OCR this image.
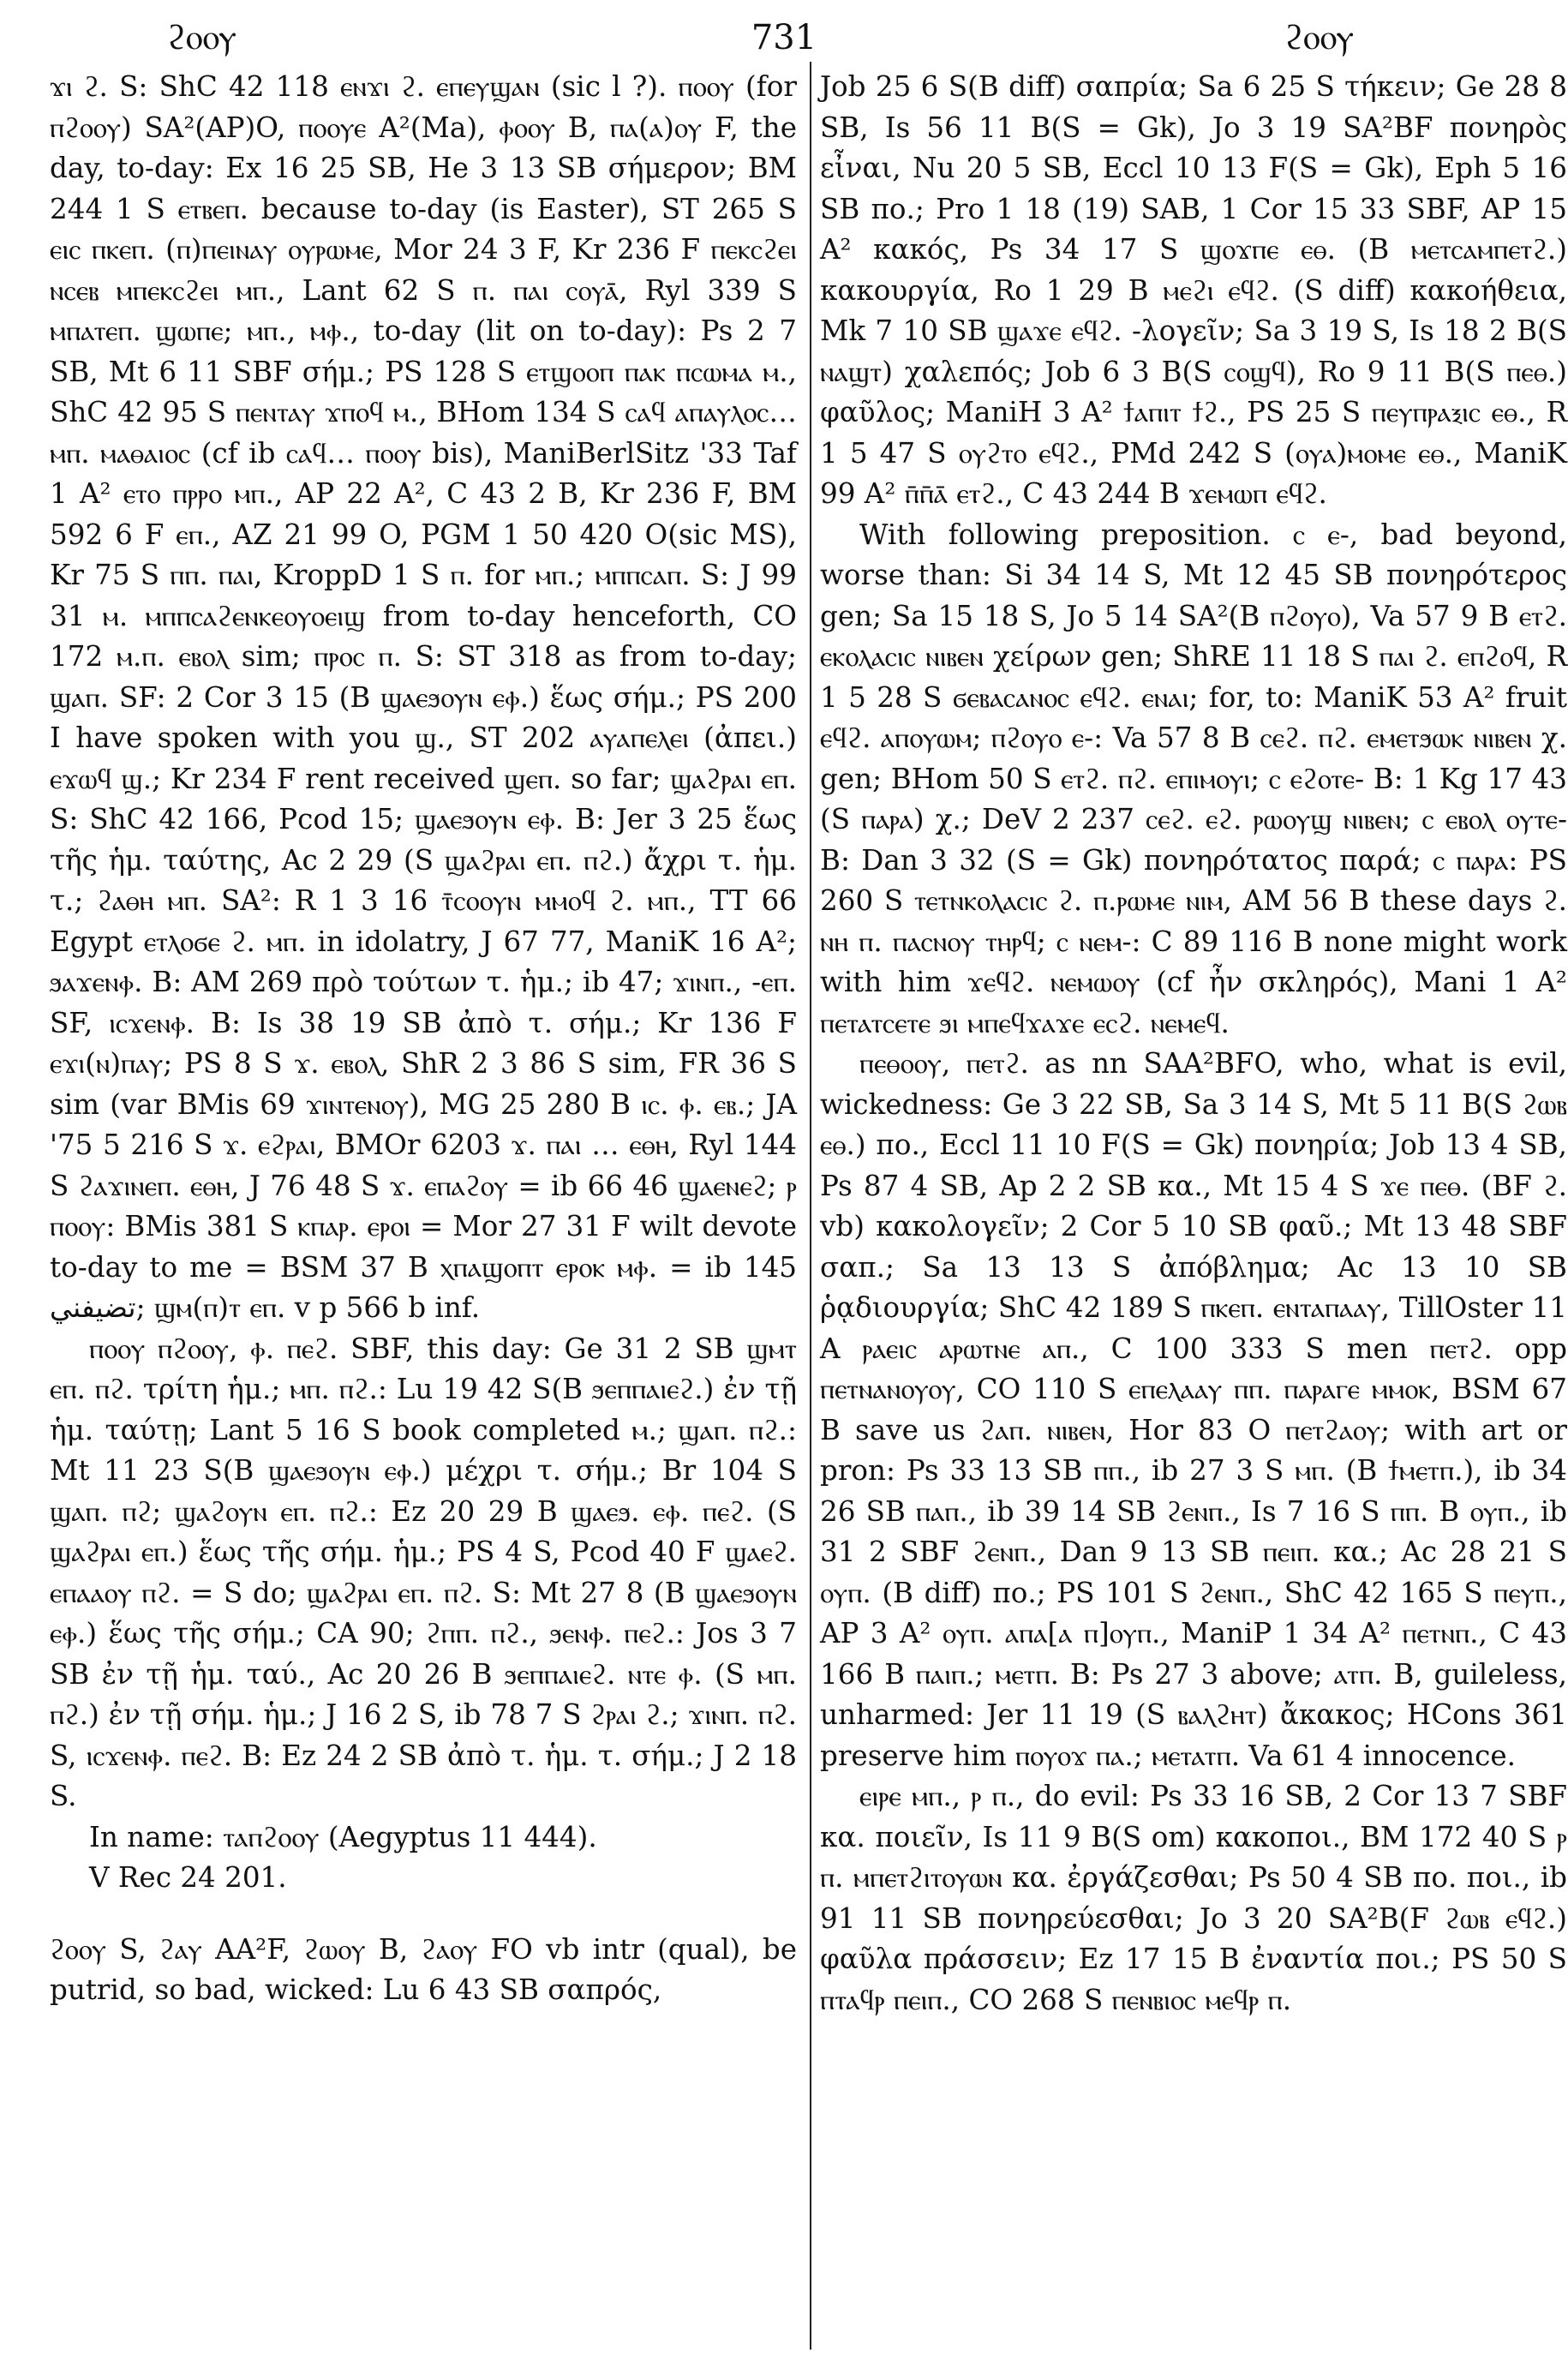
ϩⲟⲟⲩ	731	ϩⲟⲟⲩ

ϫⲓ ϩ. S: ShC 42 118 ⲉⲛϫⲓ ϩ. ⲉⲡⲉⲩϣⲁⲛ (sic l ?). ⲡⲟⲟⲩ (for ⲡϩⲟⲟⲩ) SA²(AP)O, ⲡⲟⲟⲩⲉ A²(Ma), ⲫⲟⲟⲩ B, ⲡⲁ(ⲁ)ⲟⲩ F, the day, to-day: Ex 16 25 SB, He 3 13 SB σήμερον; BM 244 1 S ⲉⲧⲃⲉⲡ. because to-day (is Easter), ST 265 S ⲉⲓⲥ ⲡⲕⲉⲡ. (ⲡ)ⲡⲉⲓⲛⲁⲩ ⲟⲩⲣⲱⲙⲉ, Mor 24 3 F, Kr 236 F ⲡⲉⲕⲥϩⲉⲓ ⲛⲥⲉⲃ ⲙⲡⲉⲕⲥϩⲉⲓ ⲙⲡ., Lant 62 S ⲡ. ⲡⲁⲓ ⲥⲟⲩⲁ̄, Ryl 339 S ⲙⲡⲁⲧⲉⲡ. ϣⲱⲡⲉ; ⲙⲡ., ⲙⲫ., to-day (lit on to-day): Ps 2 7 SB, Mt 6 11 SBF σήμ.; PS 128 S ⲉⲧϣⲟⲟⲡ ⲡⲁⲕ ⲡⲥⲱⲙⲁ ⲙ., ShC 42 95 S ⲡⲉⲛⲧⲁⲩ ϫⲡⲟϥ ⲙ., BHom 134 S ⲥⲁϥ ⲁⲡⲁⲩⲗⲟⲥ… ⲙⲡ. ⲙⲁⲑⲁⲓⲟⲥ (cf ib ⲥⲁϥ… ⲡⲟⲟⲩ bis), ManiBerlSitz '33 Taf 1 A² ⲉⲧⲟ ⲡⲣⲣⲟ ⲙⲡ., AP 22 A², C 43 2 B, Kr 236 F, BM 592 6 F ⲉⲡ., AZ 21 99 O, PGM 1 50 420 O(sic MS), Kr 75 S ⲡⲡ. ⲡⲁⲓ, KroppD 1 S ⲡ. for ⲙⲡ.; ⲙⲡⲡⲥⲁⲡ. S: J 99 31 ⲙ. ⲙⲡⲡⲥⲁϩⲉⲛⲕⲉⲟⲩⲟⲉⲓϣ from to-day henceforth, CO 172 ⲙ.ⲡ. ⲉⲃⲟⲗ sim; ⲡⲣⲟⲥ ⲡ. S: ST 318 as from to-day; ϣⲁⲡ. SF: 2 Cor 3 15 (B ϣⲁⲉϧⲟⲩⲛ ⲉⲫ.) ἕως σήμ.; PS 200 I have spoken with you ϣ., ST 202 ⲁⲩⲁⲡⲉⲗⲉⲓ (ἀπει.) ⲉϫⲱϥ ϣ.; Kr 234 F rent received ϣⲉⲡ. so far; ϣⲁϩⲣⲁⲓ ⲉⲡ. S: ShC 42 166, Pcod 15; ϣⲁⲉϧⲟⲩⲛ ⲉⲫ. B: Jer 3 25 ἕως τῆς ἡμ. ταύτης, Ac 2 29 (S ϣⲁϩⲣⲁⲓ ⲉⲡ. ⲡϩ.) ἄχρι τ. ἡμ. τ.; ϩⲁⲑⲏ ⲙⲡ. SA²: R 1 3 16 ⲧ̄ⲥⲟⲟⲩⲛ ⲙⲙⲟϥ ϩ. ⲙⲡ., TT 66 Egypt ⲉⲧⲗⲟϭⲉ ϩ. ⲙⲡ. in idolatry, J 67 77, ManiK 16 A²; ϧⲁϫⲉⲛⲫ. B: AM 269 πρὸ τούτων τ. ἡμ.; ib 47; ϫⲓⲛⲡ., -ⲉⲡ. SF, ⲓⲥϫⲉⲛⲫ. B: Is 38 19 SB ἀπὸ τ. σήμ.; Kr 136 F ⲉϫⲓ(ⲛ)ⲡⲁⲩ; PS 8 S ϫ. ⲉⲃⲟⲗ, ShR 2 3 86 S sim, FR 36 S sim (var BMis 69 ϫⲓⲛⲧⲉⲛⲟⲩ), MG 25 280 B ⲓⲥ. ⲫ. ⲉⲃ.; JA '75 5 216 S ϫ. ⲉϩⲣⲁⲓ, BMOr 6203 ϫ. ⲡⲁⲓ … ⲉⲑⲏ, Ryl 144 S ϩⲁϫⲓⲛⲉⲡ. ⲉⲑⲏ, J 76 48 S ϫ. ⲉⲡⲁϩⲟⲩ = ib 66 46 ϣⲁⲉⲛⲉϩ; ⲣ ⲡⲟⲟⲩ: BMis 381 S ⲕⲡⲁⲣ. ⲉⲣⲟⲓ = Mor 27 31 F wilt devote to-day to me = BSM 37 B ⲭⲡⲁϣⲟⲡⲧ ⲉⲣⲟⲕ ⲙⲫ. = ib 145 تضيفني; ϣⲙ(ⲡ)ⲧ ⲉⲡ. v p 566 b inf.

ⲡⲟⲟⲩ ⲡϩⲟⲟⲩ, ⲫ. ⲡⲉϩ. SBF, this day: Ge 31 2 SB ϣⲙⲧ ⲉⲡ. ⲡϩ. τρίτη ἡμ.; ⲙⲡ. ⲡϩ.: Lu 19 42 S(B ϧⲉⲡⲡⲁⲓⲉϩ.) ἐν τῇ ἡμ. ταύτῃ; Lant 5 16 S book completed ⲙ.; ϣⲁⲡ. ⲡϩ.: Mt 11 23 S(B ϣⲁⲉϧⲟⲩⲛ ⲉⲫ.) μέχρι τ. σήμ.; Br 104 S ϣⲁⲡ. ⲡϩ; ϣⲁϩⲟⲩⲛ ⲉⲡ. ⲡϩ.: Ez 20 29 B ϣⲁⲉϧ. ⲉⲫ. ⲡⲉϩ. (S ϣⲁϩⲣⲁⲓ ⲉⲡ.) ἕως τῆς σήμ. ἡμ.; PS 4 S, Pcod 40 F ϣⲁⲉϩ. ⲉⲡⲁⲁⲟⲩ ⲡϩ. = S do; ϣⲁϩⲣⲁⲓ ⲉⲡ. ⲡϩ. S: Mt 27 8 (B ϣⲁⲉϧⲟⲩⲛ ⲉⲫ.) ἕως τῆς σήμ.; CA 90; ϩⲡⲡ. ⲡϩ., ϧⲉⲛⲫ. ⲡⲉϩ.: Jos 3 7 SB ἐν τῇ ἡμ. ταύ., Ac 20 26 B ϧⲉⲡⲡⲁⲓⲉϩ. ⲛⲧⲉ ⲫ. (S ⲙⲡ. ⲡϩ.) ἐν τῇ σήμ. ἡμ.; J 16 2 S, ib 78 7 S ϩⲣⲁⲓ ϩ.; ϫⲓⲛⲡ. ⲡϩ. S, ⲓⲥϫⲉⲛⲫ. ⲡⲉϩ. B: Ez 24 2 SB ἀπὸ τ. ἡμ. τ. σήμ.; J 2 18 S.

In name: ⲧⲁⲡϩⲟⲟⲩ (Aegyptus 11 444).

V Rec 24 201.

ϩⲟⲟⲩ S, ϩⲁⲩ AA²F, ϩⲱⲟⲩ B, ϩⲁⲟⲩ FO vb intr (qual), be putrid, so bad, wicked: Lu 6 43 SB σαπρός,

Job 25 6 S(B diff) σαπρία; Sa 6 25 S τήκειν; Ge 28 8 SB, Is 56 11 B(S = Gk), Jo 3 19 SA²BF πονηρὸς εἶναι, Nu 20 5 SB, Eccl 10 13 F(S = Gk), Eph 5 16 SB πο.; Pro 1 18 (19) SAB, 1 Cor 15 33 SBF, AP 15 A² κακός, Ps 34 17 S ϣⲟϫⲡⲉ ⲉⲑ. (B ⲙⲉⲧⲥⲁⲙⲡⲉⲧϩ.) κακουργία, Ro 1 29 B ⲙⲉϩⲓ ⲉϥϩ. (S diff) κακοήθεια, Mk 7 10 SB ϣⲁϫⲉ ⲉϥϩ. -λογεῖν; Sa 3 19 S, Is 18 2 B(S ⲛⲁϣⲧ) χαλεπός; Job 6 3 B(S ⲥⲟϣϥ), Ro 9 11 B(S ⲡⲉⲑ.) φαῦλος; ManiH 3 A² ϯⲁⲡⲓⲧ ϯϩ., PS 25 S ⲡⲉⲩⲡⲣⲁⲝⲓⲥ ⲉⲑ., R 1 5 47 S ⲟⲩϩⲧⲟ ⲉϥϩ., PMd 242 S (ⲟⲩⲁ)ⲙⲟⲙⲉ ⲉⲑ., ManiK 99 A² ⲡ̄ⲡ̄ⲁ̄ ⲉⲧϩ., C 43 244 B ϫⲉⲙⲱⲡ ⲉϥϩ.

With following preposition. ⲥ ⲉ-, bad beyond, worse than: Si 34 14 S, Mt 12 45 SB πονηρότερος gen; Sa 15 18 S, Jo 5 14 SA²(B ⲡϩⲟⲩⲟ), Va 57 9 B ⲉⲧϩ. ⲉⲕⲟⲗⲁⲥⲓⲥ ⲛⲓⲃⲉⲛ χείρων gen; ShRE 11 18 S ⲡⲁⲓ ϩ. ⲉⲡϩⲟϥ, R 1 5 28 S ϭⲉⲃⲁⲥⲁⲛⲟⲥ ⲉϥϩ. ⲉⲛⲁⲓ; for, to: ManiK 53 A² fruit ⲉϥϩ. ⲁⲡⲟⲩⲱⲙ; ⲡϩⲟⲩⲟ ⲉ-: Va 57 8 B ⲥⲉϩ. ⲡϩ. ⲉⲙⲉⲧϧⲱⲕ ⲛⲓⲃⲉⲛ χ. gen; BHom 50 S ⲉⲧϩ. ⲡϩ. ⲉⲡⲓⲙⲟⲩⲓ; ⲥ ⲉϩⲟⲧⲉ- B: 1 Kg 17 43 (S ⲡⲁⲣⲁ) χ.; DeV 2 237 ⲥⲉϩ. ⲉϩ. ⲣⲱⲟⲩϣ ⲛⲓⲃⲉⲛ; ⲥ ⲉⲃⲟⲗ ⲟⲩⲧⲉ- B: Dan 3 32 (S = Gk) πονηρότατος παρά; ⲥ ⲡⲁⲣⲁ: PS 260 S ⲧⲉⲧⲛⲕⲟⲗⲁⲥⲓⲥ ϩ. ⲡ.ⲣⲱⲙⲉ ⲛⲓⲙ, AM 56 B these days ϩ. ⲛⲏ ⲡ. ⲡⲁⲥⲛⲟⲩ ⲧⲏⲣϥ; ⲥ ⲛⲉⲙ-: C 89 116 B none might work with him ϫⲉϥϩ. ⲛⲉⲙⲱⲟⲩ (cf ἦν σκληρός), Mani 1 A² ⲡⲉⲧⲁⲧⲥⲉⲧⲉ ϧⲓ ⲙⲡⲉϥϫⲁϫⲉ ⲉⲥϩ. ⲛⲉⲙⲉϥ.

ⲡⲉⲑⲟⲟⲩ, ⲡⲉⲧϩ. as nn SAA²BFO, who, what is evil, wickedness: Ge 3 22 SB, Sa 3 14 S, Mt 5 11 B(S ϩⲱⲃ ⲉⲑ.) πο., Eccl 11 10 F(S = Gk) πονηρία; Job 13 4 SB, Ps 87 4 SB, Ap 2 2 SB κα., Mt 15 4 S ϫⲉ ⲡⲉⲑ. (BF ϩ. vb) κακολογεῖν; 2 Cor 5 10 SB φαῦ.; Mt 13 48 SBF σαπ.; Sa 13 13 S ἀπόβλημα; Ac 13 10 SB ῥᾳδιουργία; ShC 42 189 S ⲡⲕⲉⲡ. ⲉⲛⲧⲁⲡⲁⲁⲩ, TillOster 11 A ⲣⲁⲉⲓⲥ ⲁⲣⲱⲧⲛⲉ ⲁⲡ., C 100 333 S men ⲡⲉⲧϩ. opp ⲡⲉⲧⲛⲁⲛⲟⲩⲟⲩ, CO 110 S ⲉⲡⲉⲗⲁⲁⲩ ⲡⲡ. ⲡⲁⲣⲁⲅⲉ ⲙⲙⲟⲕ, BSM 67 B save us ϩⲁⲡ. ⲛⲓⲃⲉⲛ, Hor 83 O ⲡⲉⲧϩⲁⲟⲩ; with art or pron: Ps 33 13 SB ⲡⲡ., ib 27 3 S ⲙⲡ. (B ϯⲙⲉⲧⲡ.), ib 34 26 SB ⲡⲁⲡ., ib 39 14 SB ϩⲉⲛⲡ., Is 7 16 S ⲡⲡ. B ⲟⲩⲡ., ib 31 2 SBF ϩⲉⲛⲡ., Dan 9 13 SB ⲡⲉⲓⲡ. κα.; Ac 28 21 S ⲟⲩⲡ. (B diff) πο.; PS 101 S ϩⲉⲛⲡ., ShC 42 165 S ⲡⲉⲩⲡ., AP 3 A² ⲟⲩⲡ. ⲁⲡⲁ[ⲁ ⲡ]ⲟⲩⲡ., ManiP 1 34 A² ⲡⲉⲧⲛⲡ., C 43 166 B ⲡⲁⲓⲡ.; ⲙⲉⲧⲡ. B: Ps 27 3 above; ⲁⲧⲡ. B, guileless, unharmed: Jer 11 19 (S ⲃⲁⲗϩⲏⲧ) ἄκακος; HCons 361 preserve him ⲡⲟⲩⲟϫ ⲡⲁ.; ⲙⲉⲧⲁⲧⲡ. Va 61 4 innocence.

ⲉⲓⲣⲉ ⲙⲡ., ⲣ ⲡ., do evil: Ps 33 16 SB, 2 Cor 13 7 SBF κα. ποιεῖν, Is 11 9 B(S om) κακοποι., BM 172 40 S ⲣ ⲡ. ⲙⲡⲉⲧϩⲓⲧⲟⲩⲱⲛ κα. ἐργάζεσθαι; Ps 50 4 SB πο. ποι., ib 91 11 SB πονηρεύεσθαι; Jo 3 20 SA²B(F ϩⲱⲃ ⲉϥϩ.) φαῦλα πράσσειν; Ez 17 15 B ἐναντία ποι.; PS 50 S ⲡⲧⲁϥⲣ ⲡⲉⲓⲡ., CO 268 S ⲡⲉⲛⲃⲓⲟⲥ ⲙⲉϥⲣ ⲡ.
